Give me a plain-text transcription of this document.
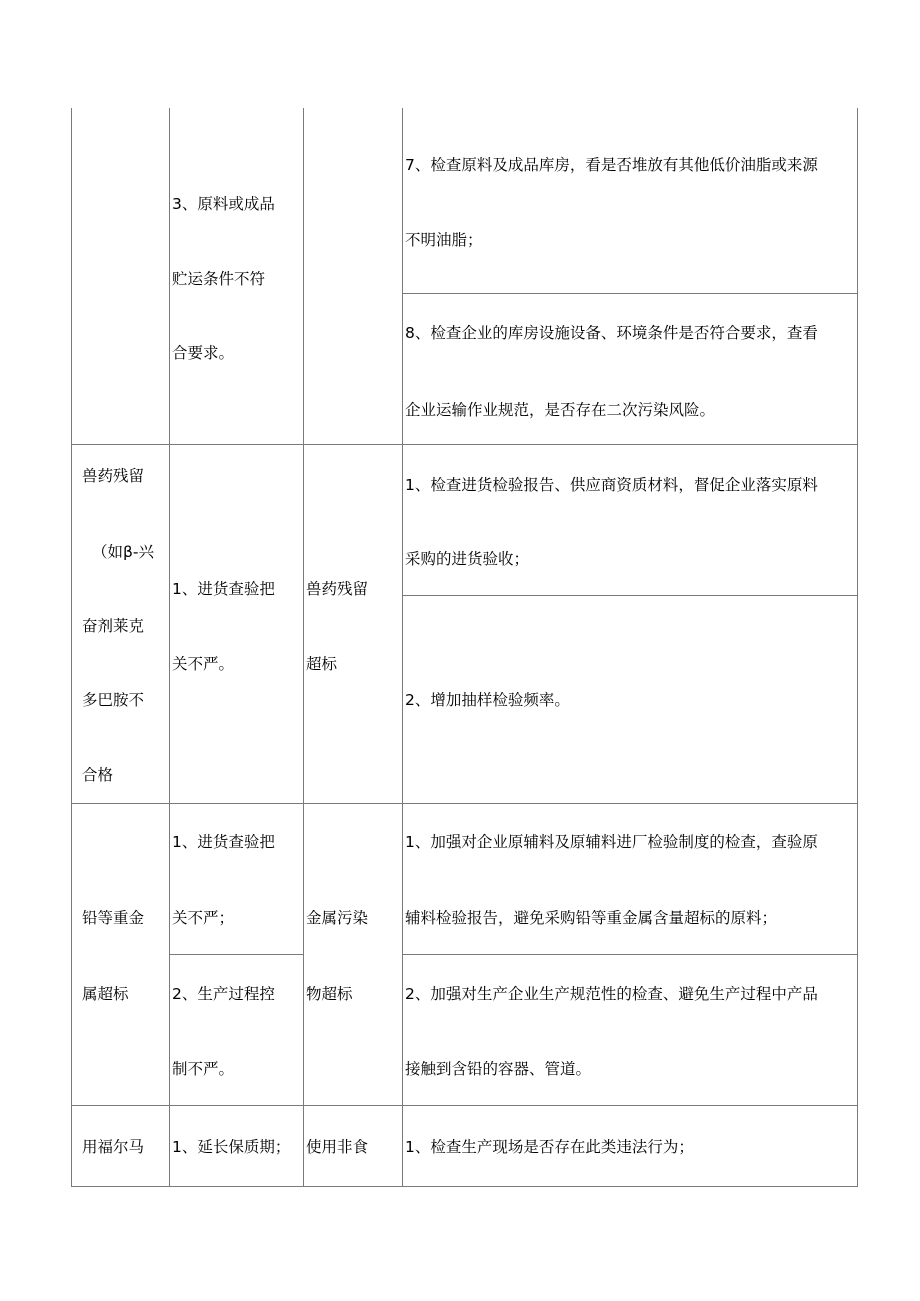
3、原料或成品
贮运条件不符
合要求。
7、检查原料及成品库房，看是否堆放有其他低价油脂或来源
不明油脂；
8、检查企业的库房设施设备、环境条件是否符合要求，查看
企业运输作业规范，是否存在二次污染风险。
兽药残留
（如β-兴
奋剂莱克
多巴胺不
合格
1、进货查验把
关不严。
兽药残留
超标
1、检查进货检验报告、供应商资质材料，督促企业落实原料
采购的进货验收；
2、增加抽样检验频率。
铅等重金
属超标
1、进货查验把
关不严；
2、生产过程控
制不严。
金属污染
物超标
1、加强对企业原辅料及原辅料进厂检验制度的检查，查验原
辅料检验报告，避免采购铅等重金属含量超标的原料；
2、加强对生产企业生产规范性的检查、避免生产过程中产品
接触到含铅的容器、管道。
用福尔马 1、延长保质期； 使用非食 1、检查生产现场是否存在此类违法行为；
